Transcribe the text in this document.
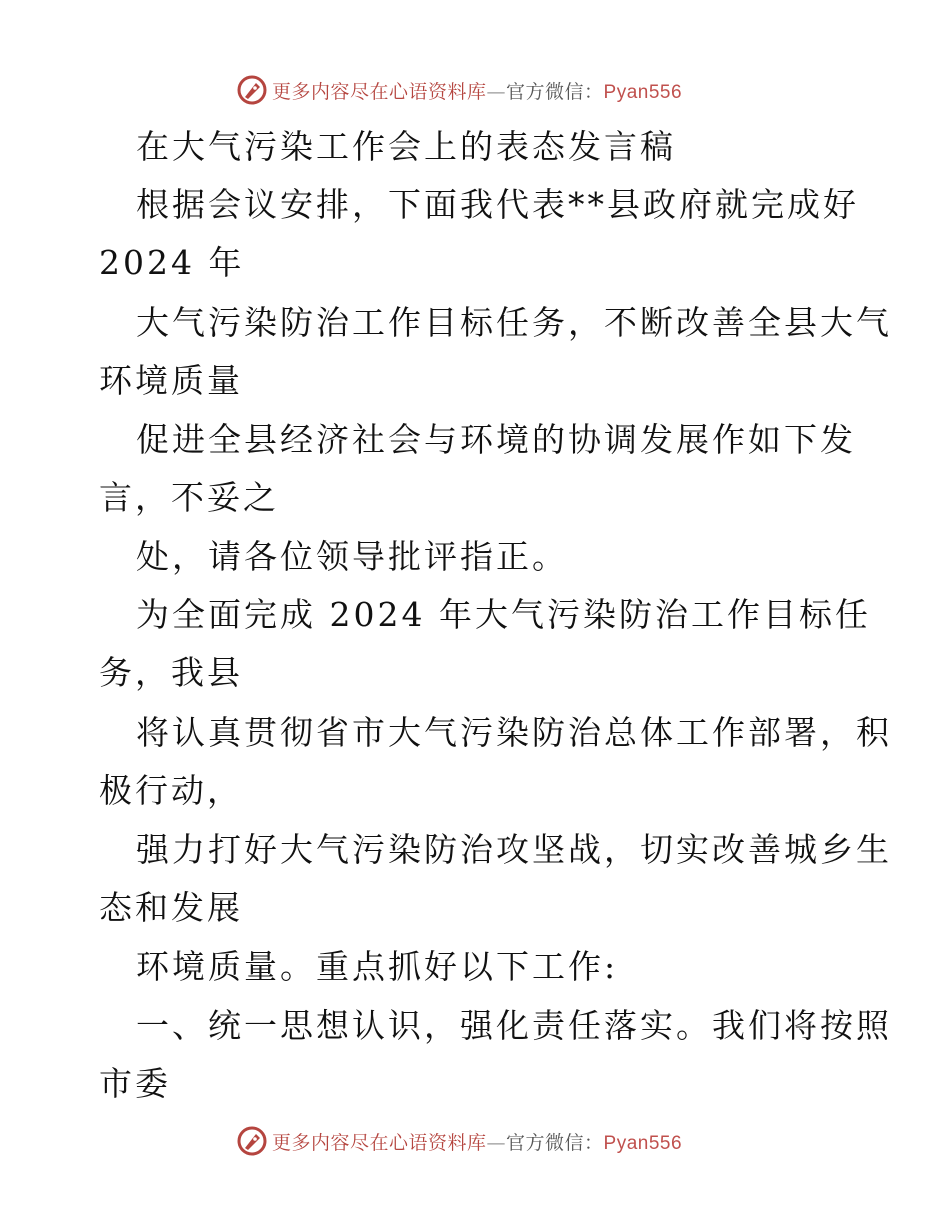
更多内容尽在心语资料库—官方微信：Pyan556
在大气污染工作会上的表态发言稿
根据会议安排，下面我代表**县政府就完成好
2024 年
大气污染防治工作目标任务，不断改善全县大气
环境质量
促进全县经济社会与环境的协调发展作如下发
言，不妥之
处，请各位领导批评指正。
为全面完成 2024 年大气污染防治工作目标任
务，我县
将认真贯彻省市大气污染防治总体工作部署，积
极行动，
强力打好大气污染防治攻坚战，切实改善城乡生
态和发展
环境质量。重点抓好以下工作:
一、统一思想认识，强化责任落实。我们将按照
市委
更多内容尽在心语资料库—官方微信：Pyan556
